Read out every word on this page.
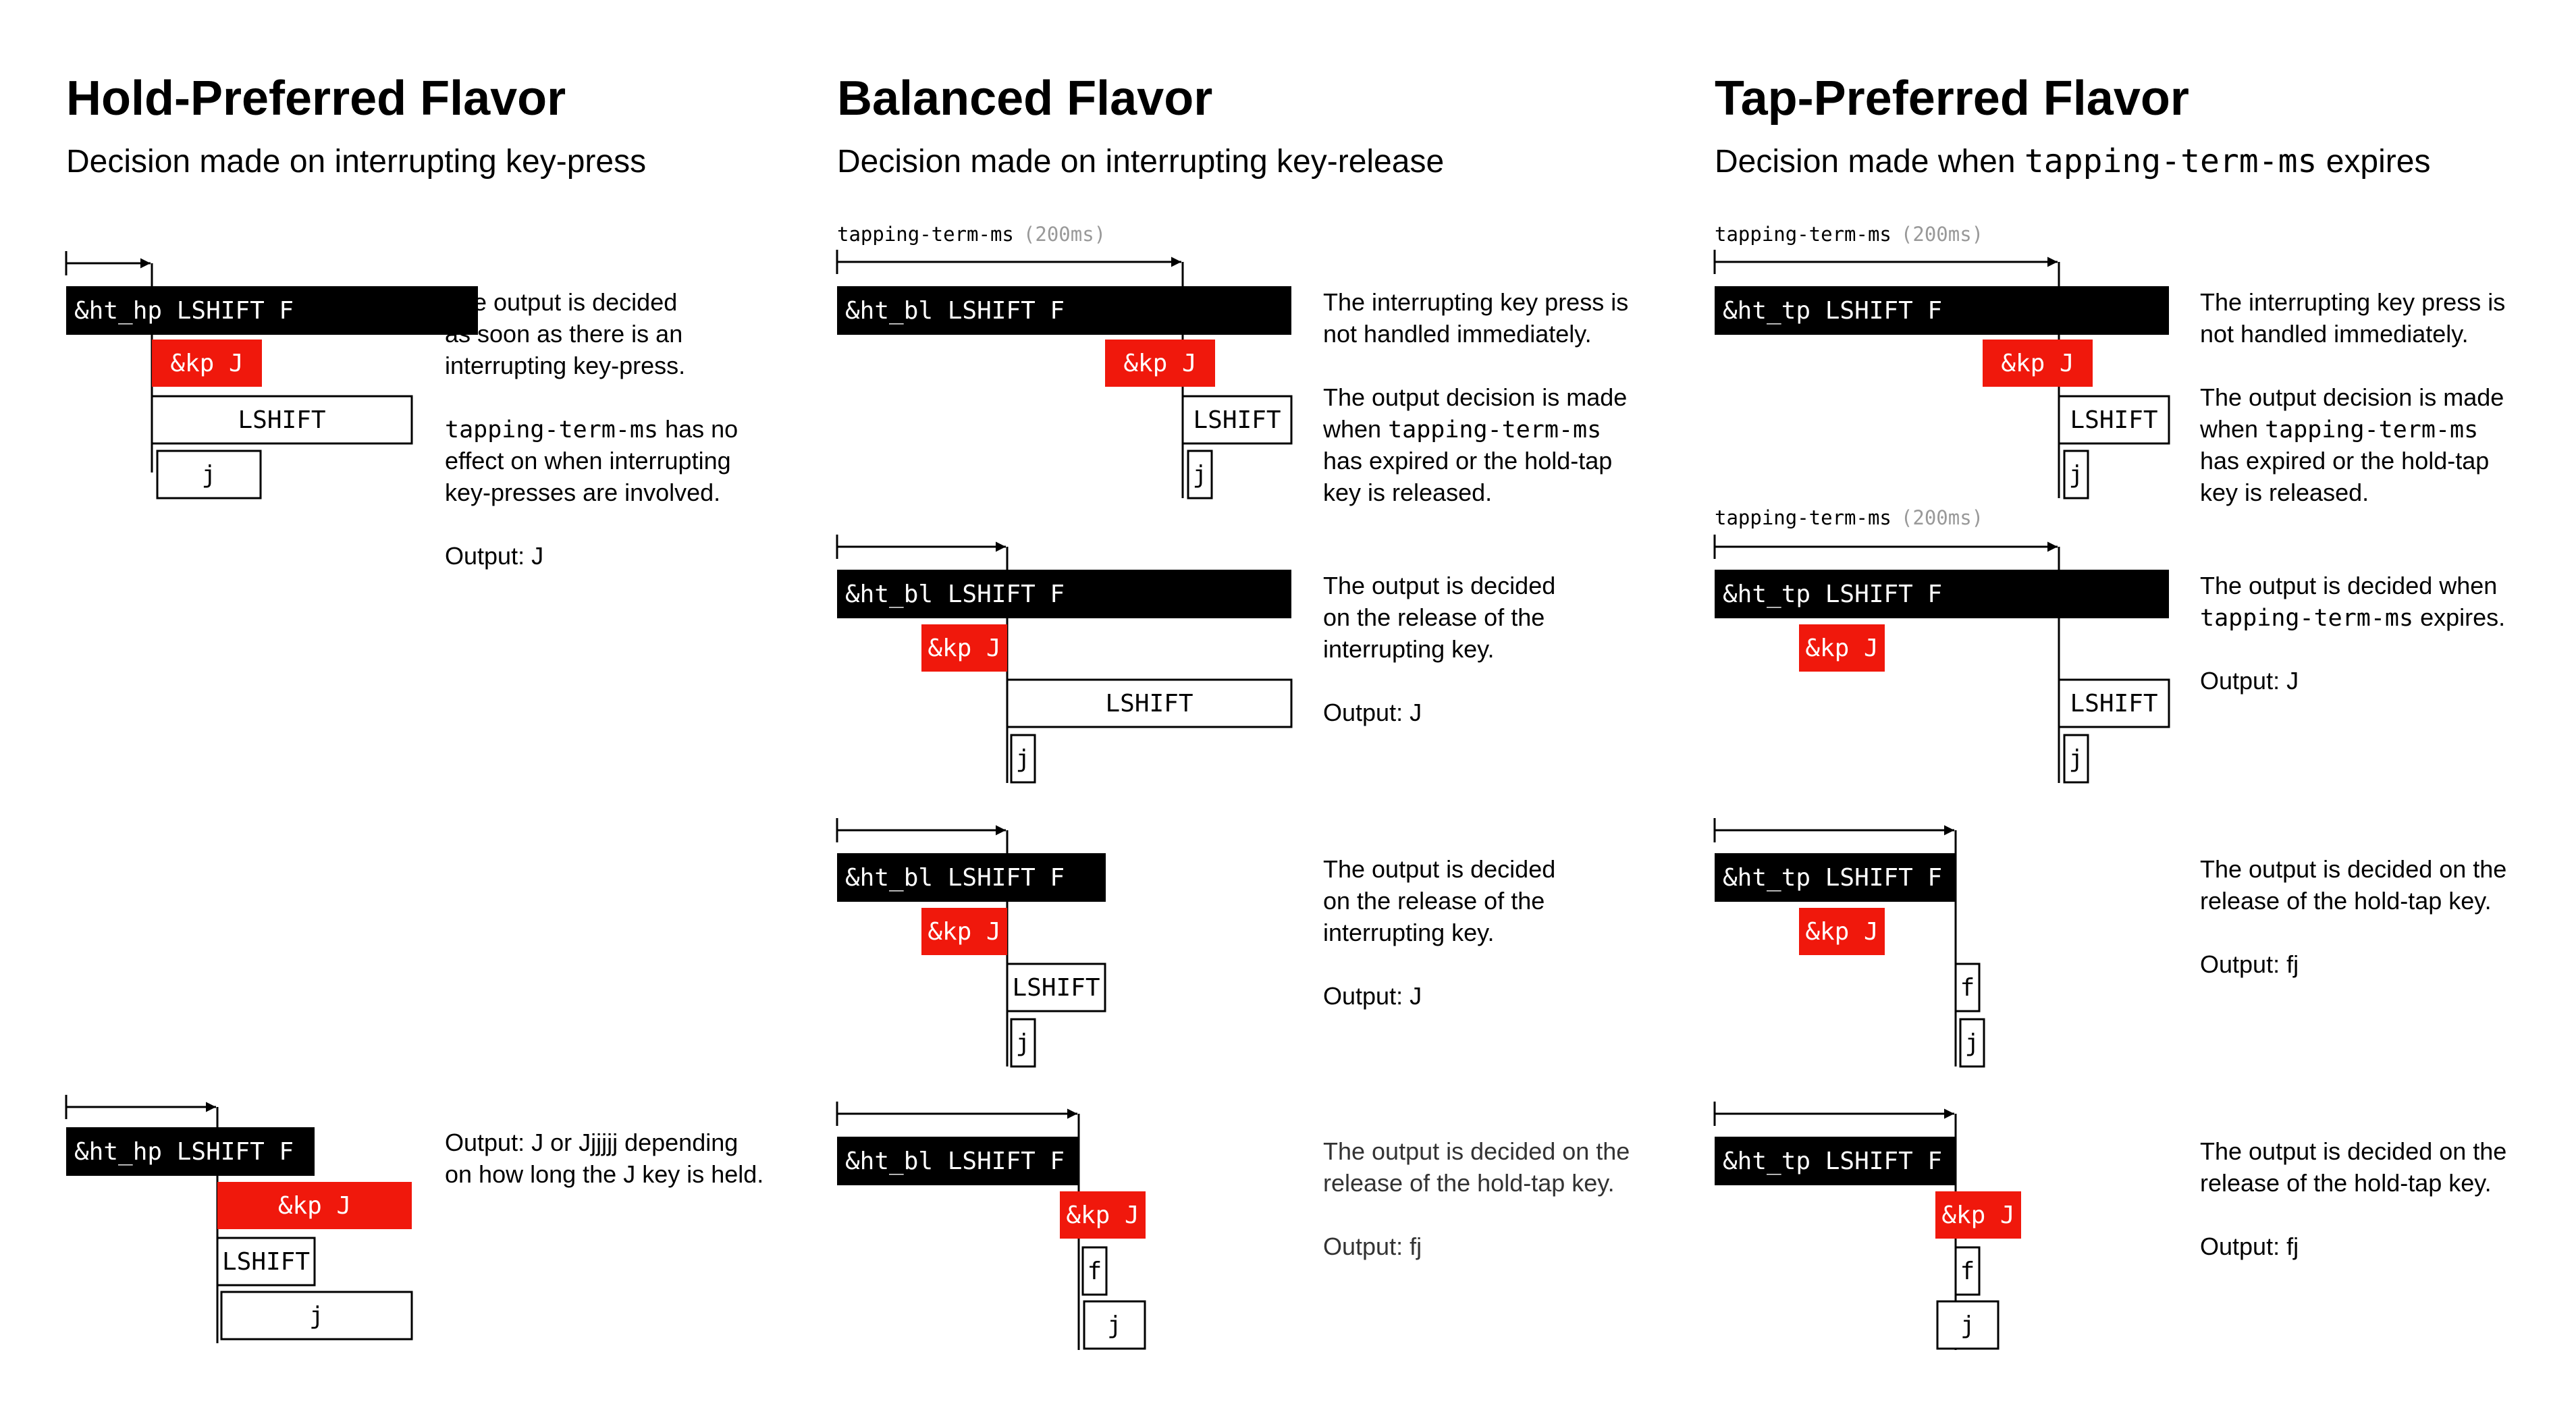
Hold-Preferred Flavor
Decision made on interrupting key-press
Balanced Flavor
Decision made on interrupting key-release
Tap-Preferred Flavor
Decision made when tapping-term-ms expires
&ht_hp LSHIFT F
&kp J
LSHIFT
j
The output is decided
as soon as there is an
interrupting key-press.
tapping-term-ms has no
effect on when interrupting
key-presses are involved.
Output: J
&ht_hp LSHIFT F
&kp J
LSHIFT
j
Output: J or Jjjjjj depending
on how long the J key is held.
tapping-term-ms (200ms)
&ht_bl LSHIFT F
&kp J
LSHIFT
j
The interrupting key press is
not handled immediately.
The output decision is made
when tapping-term-ms
has expired or the hold-tap
key is released.
&ht_bl LSHIFT F
&kp J
LSHIFT
j
The output is decided
on the release of the
interrupting key.
Output: J
&ht_bl LSHIFT F
&kp J
LSHIFT
j
The output is decided
on the release of the
interrupting key.
Output: J
&ht_bl LSHIFT F
&kp J
f
j
The output is decided on the
release of the hold-tap key.
Output: fj
tapping-term-ms (200ms)
&ht_tp LSHIFT F
&kp J
LSHIFT
j
The interrupting key press is
not handled immediately.
The output decision is made
when tapping-term-ms
has expired or the hold-tap
key is released.
tapping-term-ms (200ms)
&ht_tp LSHIFT F
&kp J
LSHIFT
j
The output is decided when
tapping-term-ms expires.
Output: J
&ht_tp LSHIFT F
&kp J
f
j
The output is decided on the
release of the hold-tap key.
Output: fj
&ht_tp LSHIFT F
&kp J
f
j
The output is decided on the
release of the hold-tap key.
Output: fj
